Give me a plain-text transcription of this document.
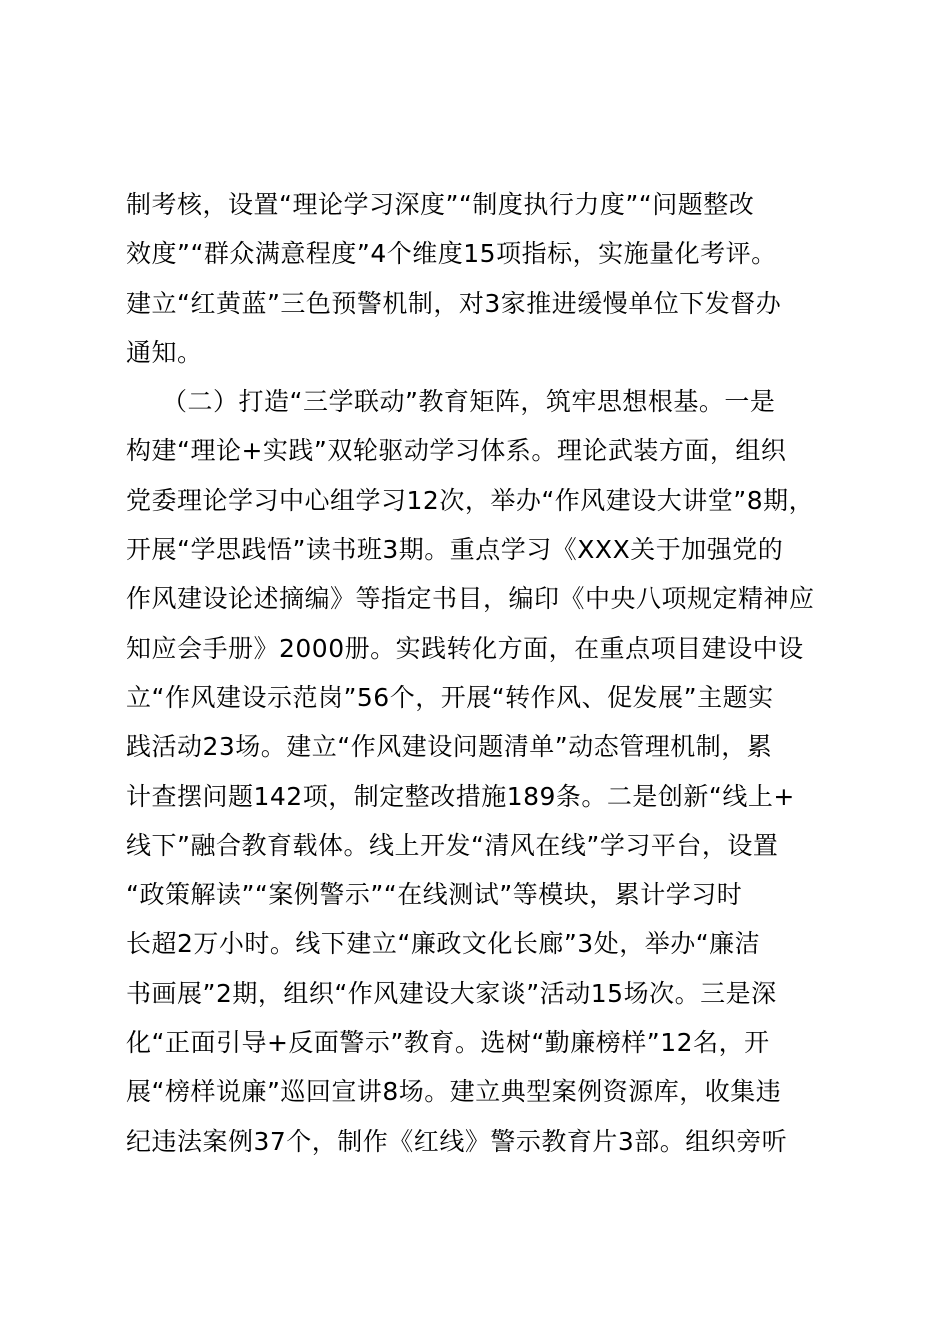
制考核，设置“理论学习深度”“制度执行力度”“问题整改
效度”“群众满意程度”4个维度15项指标，实施量化考评。
建立“红黄蓝”三色预警机制，对3家推进缓慢单位下发督办
通知。
（二）打造“三学联动”教育矩阵，筑牢思想根基。一是
构建“理论+实践”双轮驱动学习体系。理论武装方面，组织
党委理论学习中心组学习12次，举办“作风建设大讲堂”8期，
开展“学思践悟”读书班3期。重点学习《XXX关于加强党的
作风建设论述摘编》等指定书目，编印《中央八项规定精神应
知应会手册》2000册。实践转化方面，在重点项目建设中设
立“作风建设示范岗”56个，开展“转作风、促发展”主题实
践活动23场。建立“作风建设问题清单”动态管理机制，累
计查摆问题142项，制定整改措施189条。二是创新“线上+
线下”融合教育载体。线上开发“清风在线”学习平台，设置
“政策解读”“案例警示”“在线测试”等模块，累计学习时
长超2万小时。线下建立“廉政文化长廊”3处，举办“廉洁
书画展”2期，组织“作风建设大家谈”活动15场次。三是深
化“正面引导+反面警示”教育。选树“勤廉榜样”12名，开
展“榜样说廉”巡回宣讲8场。建立典型案例资源库，收集违
纪违法案例37个，制作《红线》警示教育片3部。组织旁听
